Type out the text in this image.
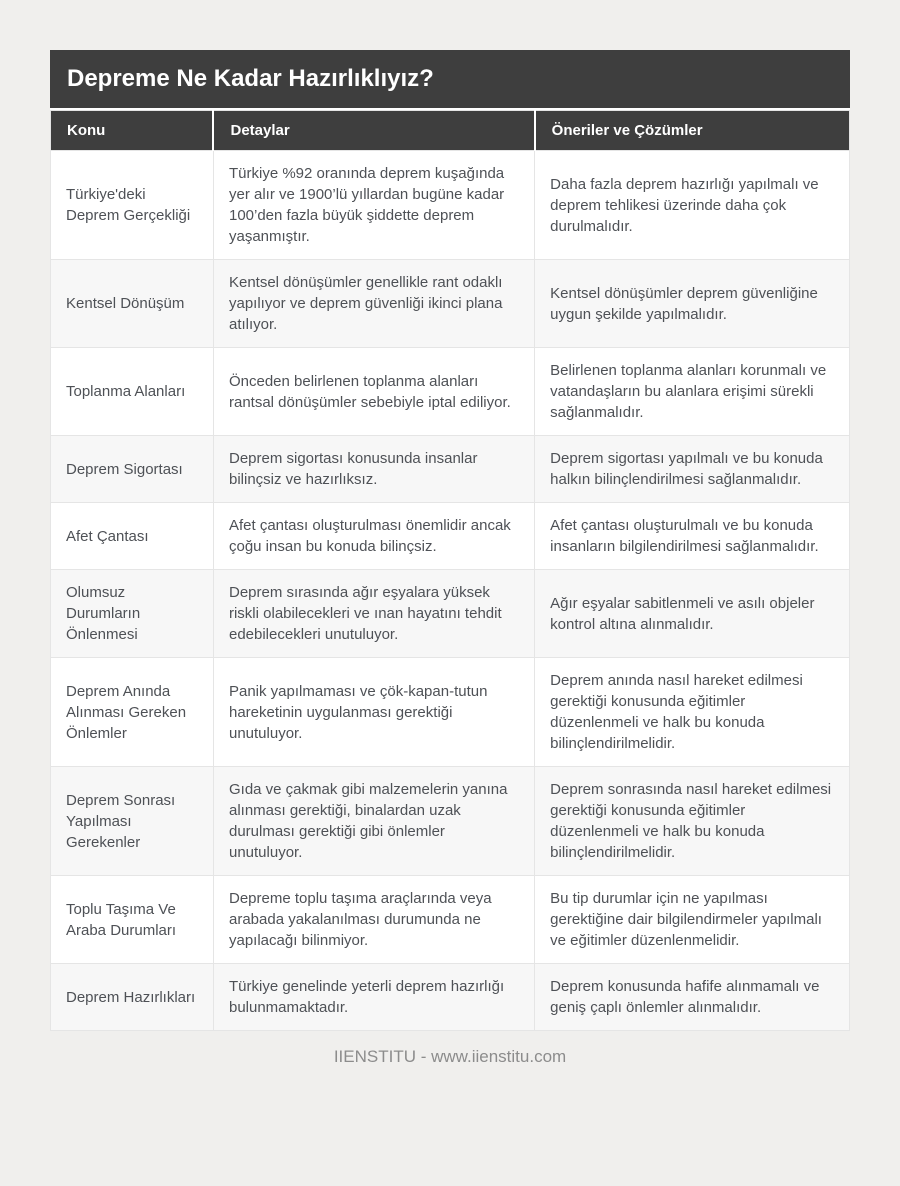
Depreme Ne Kadar Hazırlıklıyız?
Konu	Detaylar	Öneriler ve Çözümler
Türkiye'deki Deprem Gerçekliği	Türkiye %92 oranında deprem kuşağında yer alır ve 1900’lü yıllardan bugüne kadar 100’den fazla büyük şiddette deprem yaşanmıştır.	Daha fazla deprem hazırlığı yapılmalı ve deprem tehlikesi üzerinde daha çok durulmalıdır.
Kentsel Dönüşüm	Kentsel dönüşümler genellikle rant odaklı yapılıyor ve deprem güvenliği ikinci plana atılıyor.	Kentsel dönüşümler deprem güvenliğine uygun şekilde yapılmalıdır.
Toplanma Alanları	Önceden belirlenen toplanma alanları rantsal dönüşümler sebebiyle iptal ediliyor.	Belirlenen toplanma alanları korunmalı ve vatandaşların bu alanlara erişimi sürekli sağlanmalıdır.
Deprem Sigortası	Deprem sigortası konusunda insanlar bilinçsiz ve hazırlıksız.	Deprem sigortası yapılmalı ve bu konuda halkın bilinçlendirilmesi sağlanmalıdır.
Afet Çantası	Afet çantası oluşturulması önemlidir ancak çoğu insan bu konuda bilinçsiz.	Afet çantası oluşturulmalı ve bu konuda insanların bilgilendirilmesi sağlanmalıdır.
Olumsuz Durumların Önlenmesi	Deprem sırasında ağır eşyalara yüksek riskli olabilecekleri ve ınan hayatını tehdit edebilecekleri unutuluyor.	Ağır eşyalar sabitlenmeli ve asılı objeler kontrol altına alınmalıdır.
Deprem Anında Alınması Gereken Önlemler	Panik yapılmaması ve çök-kapan-tutun hareketinin uygulanması gerektiği unutuluyor.	Deprem anında nasıl hareket edilmesi gerektiği konusunda eğitimler düzenlenmeli ve halk bu konuda bilinçlendirilmelidir.
Deprem Sonrası Yapılması Gerekenler	Gıda ve çakmak gibi malzemelerin yanına alınması gerektiği, binalardan uzak durulması gerektiği gibi önlemler unutuluyor.	Deprem sonrasında nasıl hareket edilmesi gerektiği konusunda eğitimler düzenlenmeli ve halk bu konuda bilinçlendirilmelidir.
Toplu Taşıma Ve Araba Durumları	Depreme toplu taşıma araçlarında veya arabada yakalanılması durumunda ne yapılacağı bilinmiyor.	Bu tip durumlar için ne yapılması gerektiğine dair bilgilendirmeler yapılmalı ve eğitimler düzenlenmelidir.
Deprem Hazırlıkları	Türkiye genelinde yeterli deprem hazırlığı bulunmamaktadır.	Deprem konusunda hafife alınmamalı ve geniş çaplı önlemler alınmalıdır.
IIENSTITU - www.iienstitu.com
